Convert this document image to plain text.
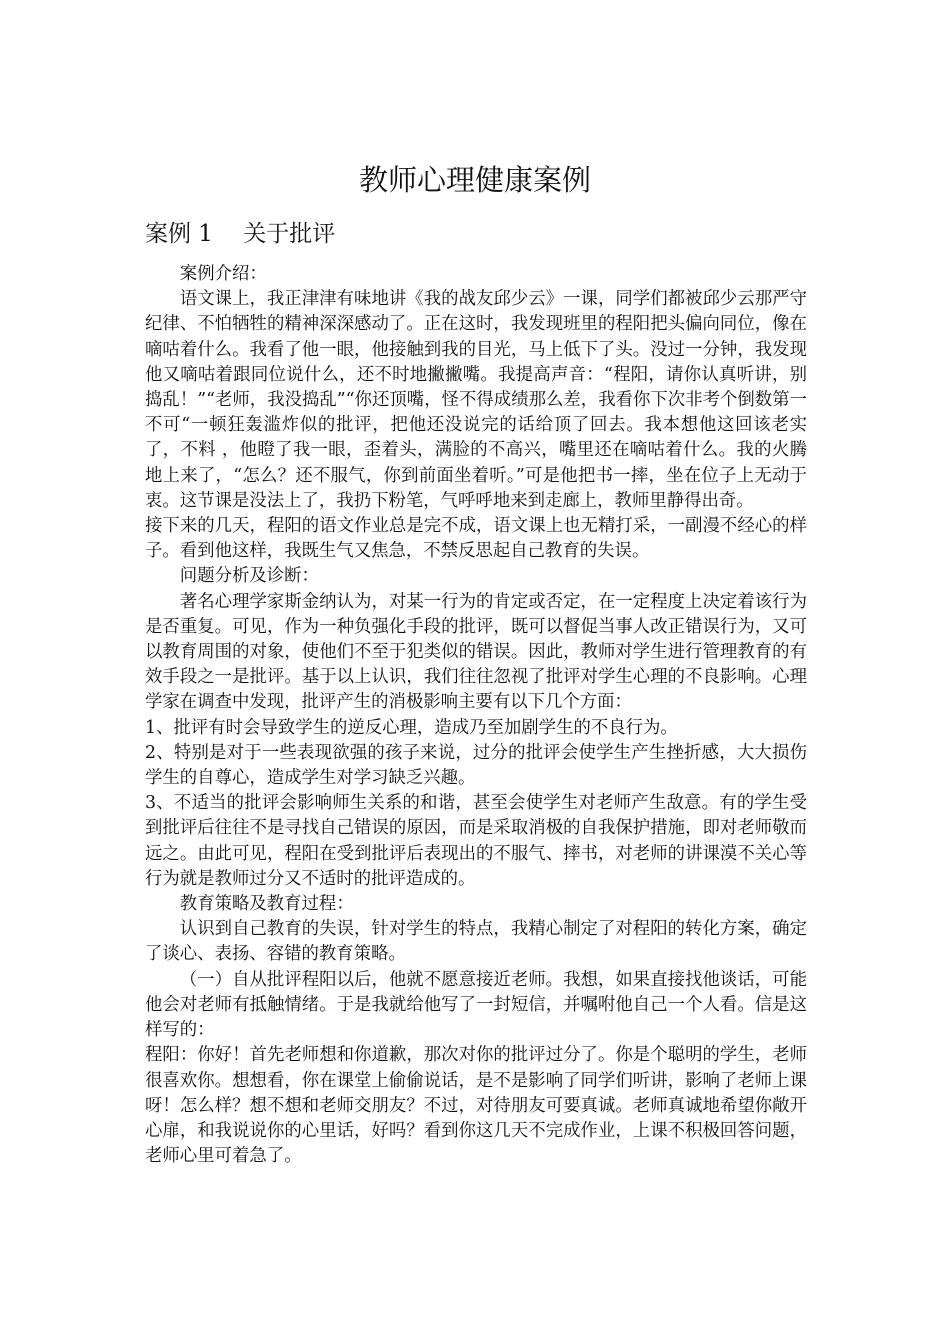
教师心理健康案例
案例 1　 关于批评

案例介绍：

语文课上，我正津津有味地讲《我的战友邱少云》一课，同学们都被邱少云那严守纪律、不怕牺牲的精神深深感动了。正在这时，我发现班里的程阳把头偏向同位，像在嘀咕着什么。我看了他一眼，他接触到我的目光，马上低下了头。没过一分钟，我发现他又嘀咕着跟同位说什么，还不时地撇撇嘴。我提高声音：“程阳，请你认真听讲，别捣乱！”“老师，我没捣乱”“你还顶嘴，怪不得成绩那么差，我看你下次非考个倒数第一不可“一顿狂轰滥炸似的批评，把他还没说完的话给顶了回去。我本想他这回该老实了，不料 ，他瞪了我一眼，歪着头，满脸的不高兴，嘴里还在嘀咕着什么。我的火腾地上来了，“怎么？还不服气，你到前面坐着听。”可是他把书一摔，坐在位子上无动于衷。这节课是没法上了，我扔下粉笔，气呼呼地来到走廊上，教师里静得出奇。

接下来的几天，程阳的语文作业总是完不成，语文课上也无精打采，一副漫不经心的样子。看到他这样，我既生气又焦急，不禁反思起自己教育的失误。

问题分析及诊断：

著名心理学家斯金纳认为，对某一行为的肯定或否定，在一定程度上决定着该行为是否重复。可见，作为一种负强化手段的批评，既可以督促当事人改正错误行为，又可以教育周围的对象，使他们不至于犯类似的错误。因此，教师对学生进行管理教育的有效手段之一是批评。基于以上认识，我们往往忽视了批评对学生心理的不良影响。心理学家在调查中发现，批评产生的消极影响主要有以下几个方面：

1、批评有时会导致学生的逆反心理，造成乃至加剧学生的不良行为。

2、特别是对于一些表现欲强的孩子来说，过分的批评会使学生产生挫折感，大大损伤学生的自尊心，造成学生对学习缺乏兴趣。

3、不适当的批评会影响师生关系的和谐，甚至会使学生对老师产生敌意。有的学生受到批评后往往不是寻找自己错误的原因，而是采取消极的自我保护措施，即对老师敬而远之。由此可见，程阳在受到批评后表现出的不服气、摔书，对老师的讲课漠不关心等行为就是教师过分又不适时的批评造成的。

教育策略及教育过程：

认识到自己教育的失误，针对学生的特点，我精心制定了对程阳的转化方案，确定了谈心、表扬、容错的教育策略。

（一）自从批评程阳以后，他就不愿意接近老师。我想，如果直接找他谈话，可能他会对老师有抵触情绪。于是我就给他写了一封短信，并嘱咐他自己一个人看。信是这样写的：

程阳：你好！首先老师想和你道歉，那次对你的批评过分了。你是个聪明的学生，老师很喜欢你。想想看，你在课堂上偷偷说话，是不是影响了同学们听讲，影响了老师上课呀！怎么样？想不想和老师交朋友？不过，对待朋友可要真诚。老师真诚地希望你敞开心扉，和我说说你的心里话，好吗？看到你这几天不完成作业，上课不积极回答问题，老师心里可着急了。
